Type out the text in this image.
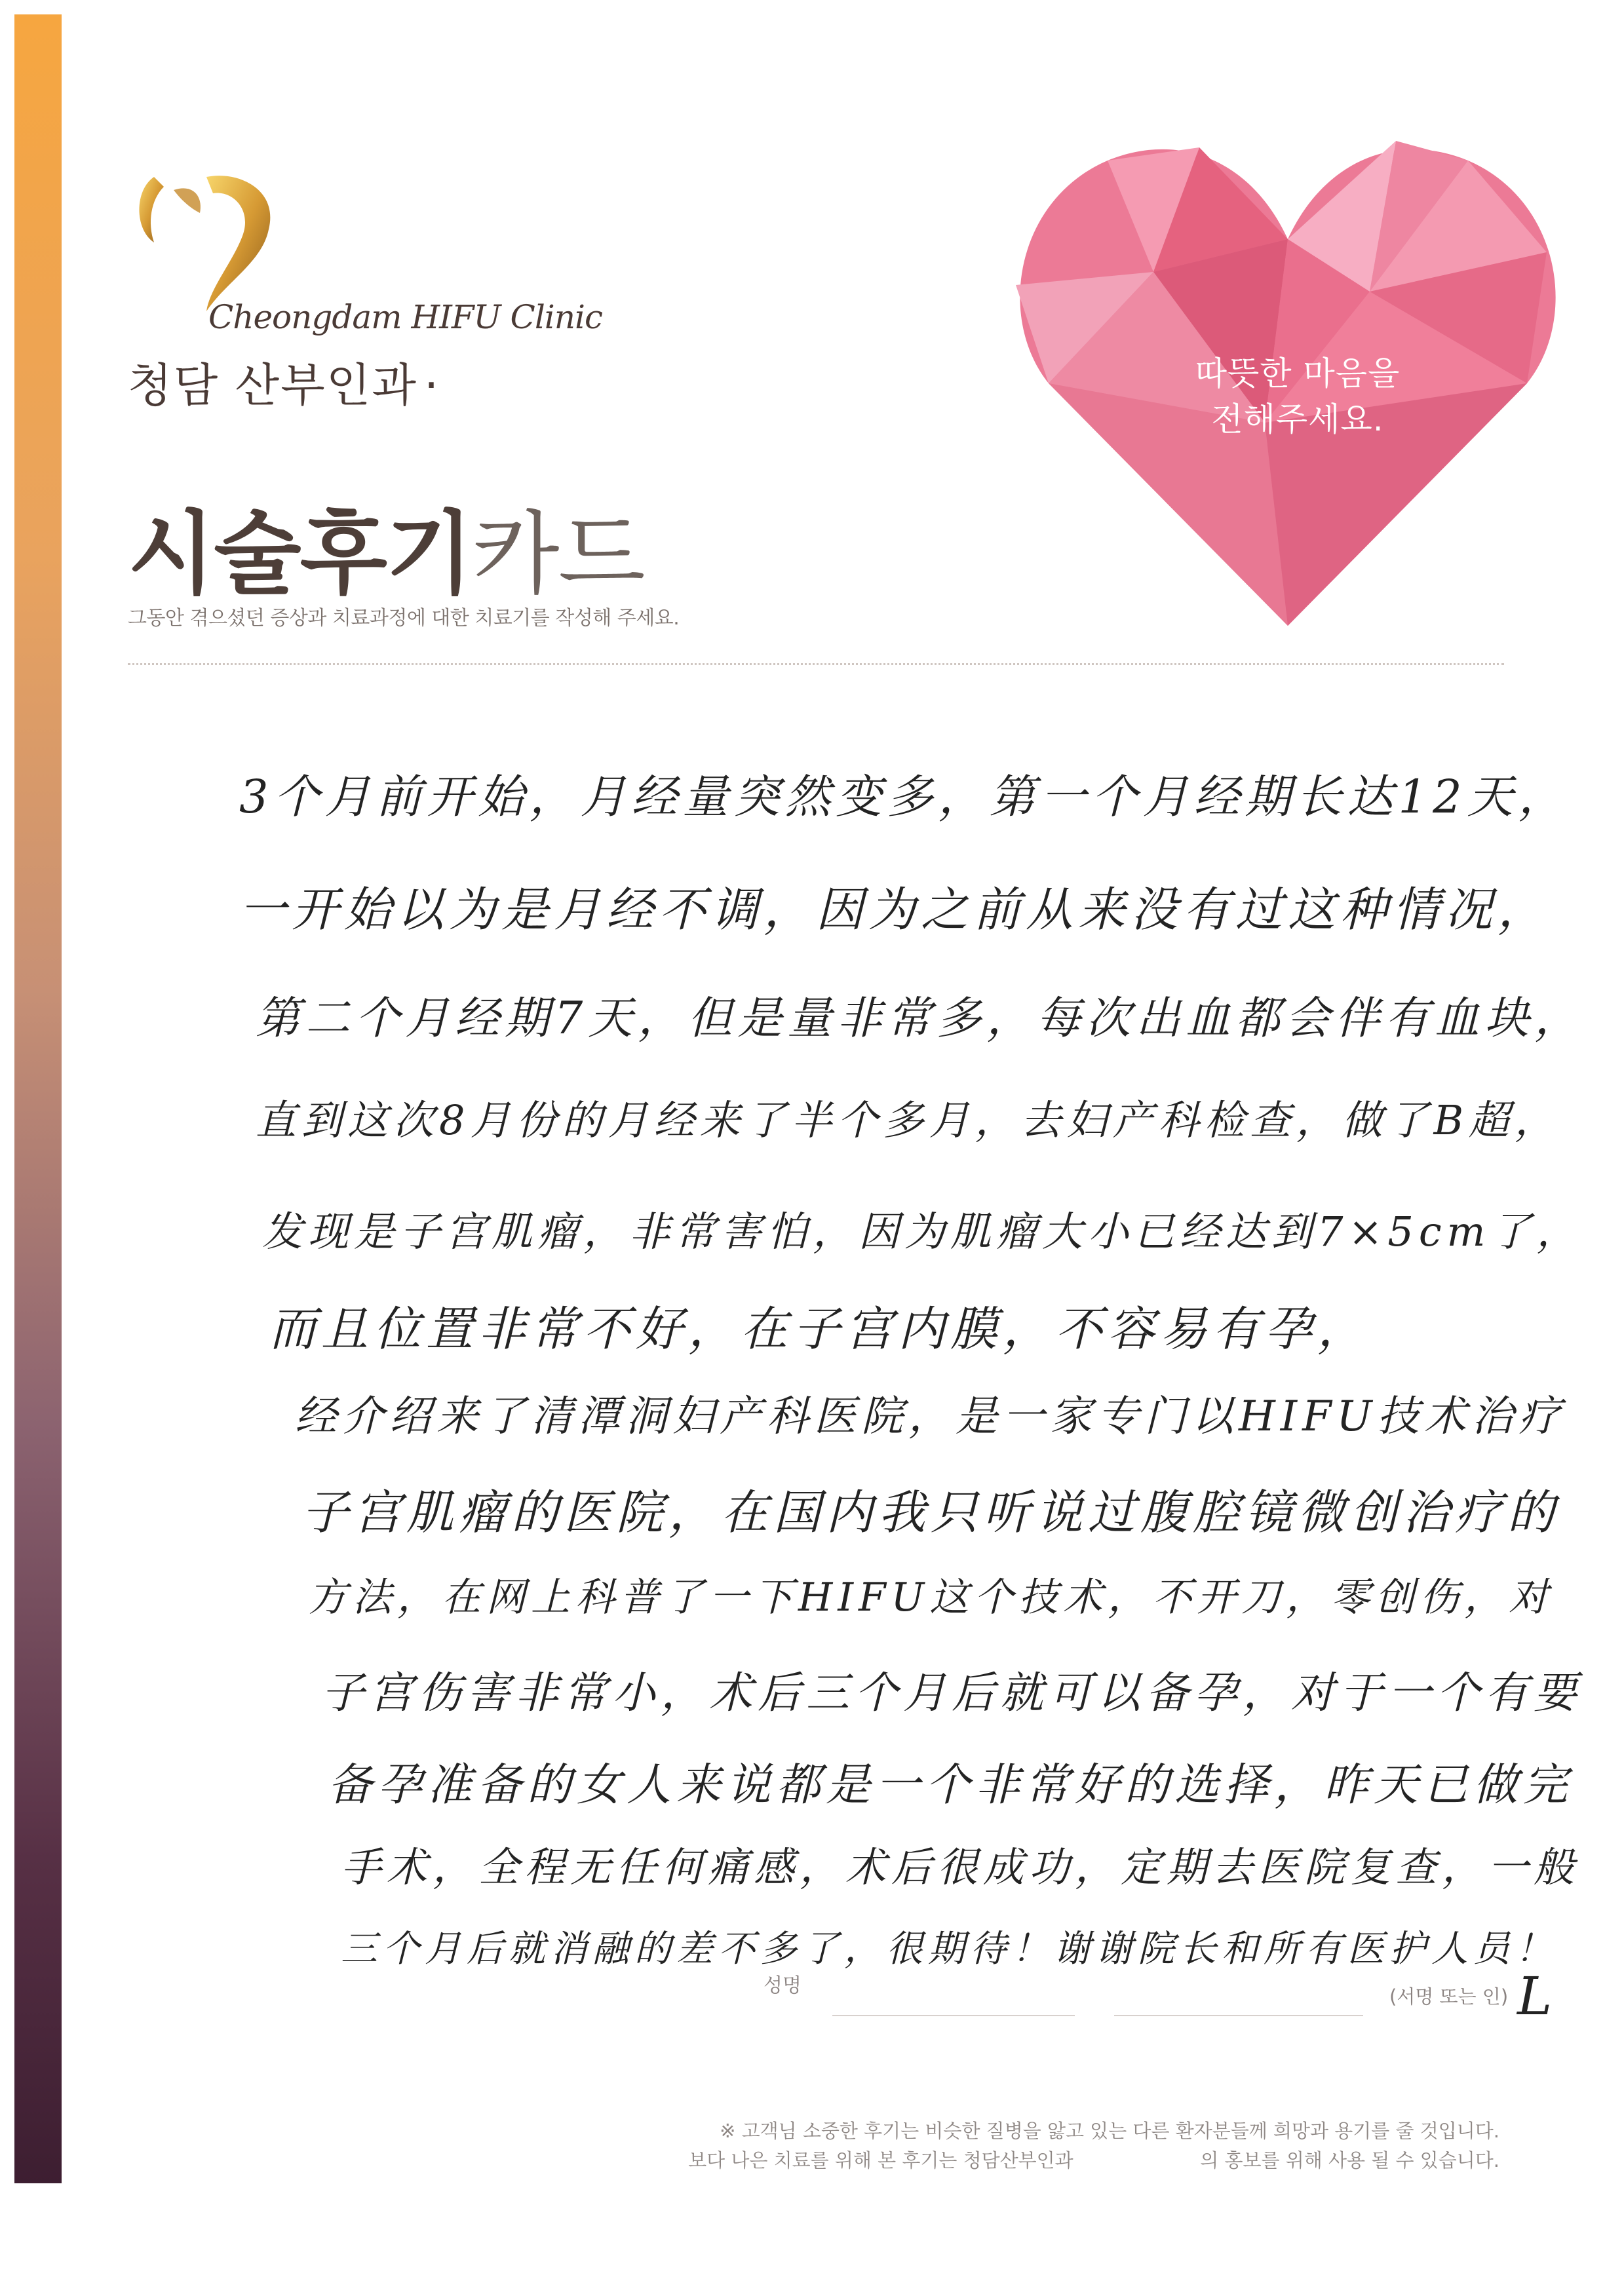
Cheongdam HIFU Clinic
청담 산부인과 ·
시술후기카드
그동안 겪으셨던 증상과 치료과정에 대한 치료기를 작성해 주세요.
따뜻한 마음을
전해주세요.
3个月前开始，月经量突然变多，第一个月经期长达12天，
一开始以为是月经不调，因为之前从来没有过这种情况，
第二个月经期7天，但是量非常多，每次出血都会伴有血块，
直到这次8月份的月经来了半个多月，去妇产科检查，做了B超，
发现是子宫肌瘤，非常害怕，因为肌瘤大小已经达到7×5cm了，
而且位置非常不好，在子宫内膜，不容易有孕，
经介绍来了清潭洞妇产科医院，是一家专门以HIFU技术治疗
子宫肌瘤的医院，在国内我只听说过腹腔镜微创治疗的
方法，在网上科普了一下HIFU这个技术，不开刀，零创伤，对
子宫伤害非常小，术后三个月后就可以备孕，对于一个有要
备孕准备的女人来说都是一个非常好的选择，昨天已做完
手术，全程无任何痛感，术后很成功，定期去医院复查，一般
三个月后就消融的差不多了，很期待！谢谢院长和所有医护人员！
성명	(서명 또는 인) L
※ 고객님 소중한 후기는 비슷한 질병을 앓고 있는 다른 환자분들께 희망과 용기를 줄 것입니다.
보다 나은 치료를 위해 본 후기는 청담산부인과                     의 홍보를 위해 사용 될 수 있습니다.
